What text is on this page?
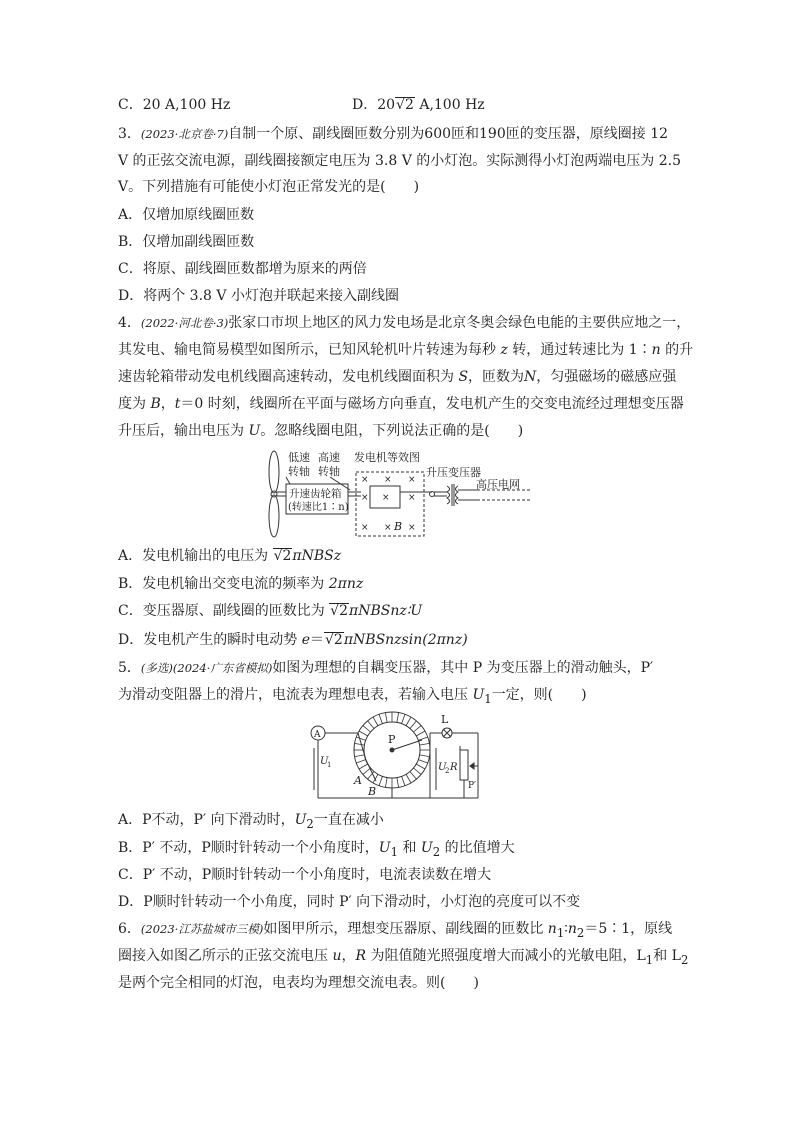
C．20 A,100 Hz	D．20√2 A,100 Hz
3．(2023·北京卷·7)自制一个原、副线圈匝数分别为600匝和190匝的变压器，原线圈接 12
V 的正弦交流电源，副线圈接额定电压为 3.8 V 的小灯泡。实际测得小灯泡两端电压为 2.5
V。下列措施有可能使小灯泡正常发光的是(　　)
A．仅增加原线圈匝数
B．仅增加副线圈匝数
C．将原、副线圈匝数都增为原来的两倍
D．将两个 3.8 V 小灯泡并联起来接入副线圈
4．(2022·河北卷·3)张家口市坝上地区的风力发电场是北京冬奥会绿色电能的主要供应地之一，
其发电、输电简易模型如图所示，已知风轮机叶片转速为每秒 z 转，通过转速比为 1∶n 的升
速齿轮箱带动发电机线圈高速转动，发电机线圈面积为 S，匝数为N，匀强磁场的磁感应强
度为 B，t＝0 时刻，线圈所在平面与磁场方向垂直，发电机产生的交变电流经过理想变压器
升压后，输出电压为 U。忽略线圈电阻，下列说法正确的是(　　)
低速
转轴
高速
转轴
发电机等效图
升速齿轮箱
(转速比1∶n)
升压变压器
高压电网
× × ×
× × ×
× × ×
B
A．发电机输出的电压为 √2πNBSz
B．发电机输出交变电流的频率为 2πnz
C．变压器原、副线圈的匝数比为 √2πNBSnz∶U
D．发电机产生的瞬时电动势 e＝√2πNBSnzsin(2πnz)
5．(多选)(2024·广东省模拟)如图为理想的自耦变压器，其中 P 为变压器上的滑动触头，P′
为滑动变阻器上的滑片，电流表为理想电表，若输入电压 $U_1$一定，则(　　)
A
U
1
P
L
A
B
U
2 R
P′
A．P不动，P′ 向下滑动时，$U_2$一直在减小
B．P′ 不动，P顺时针转动一个小角度时，$U_1$ 和 $U_2$ 的比值增大
C．P′ 不动，P顺时针转动一个小角度时，电流表读数在增大
D．P顺时针转动一个小角度，同时 P′ 向下滑动时，小灯泡的亮度可以不变
6．(2023·江苏盐城市三模)如图甲所示，理想变压器原、副线圈的匝数比 $n_1∶n_2=5∶1$，原线
圈接入如图乙所示的正弦交流电压 u，R 为阻值随光照强度增大而减小的光敏电阻，$L_1$和 $L_2$
是两个完全相同的灯泡，电表均为理想交流电表。则(　　)
